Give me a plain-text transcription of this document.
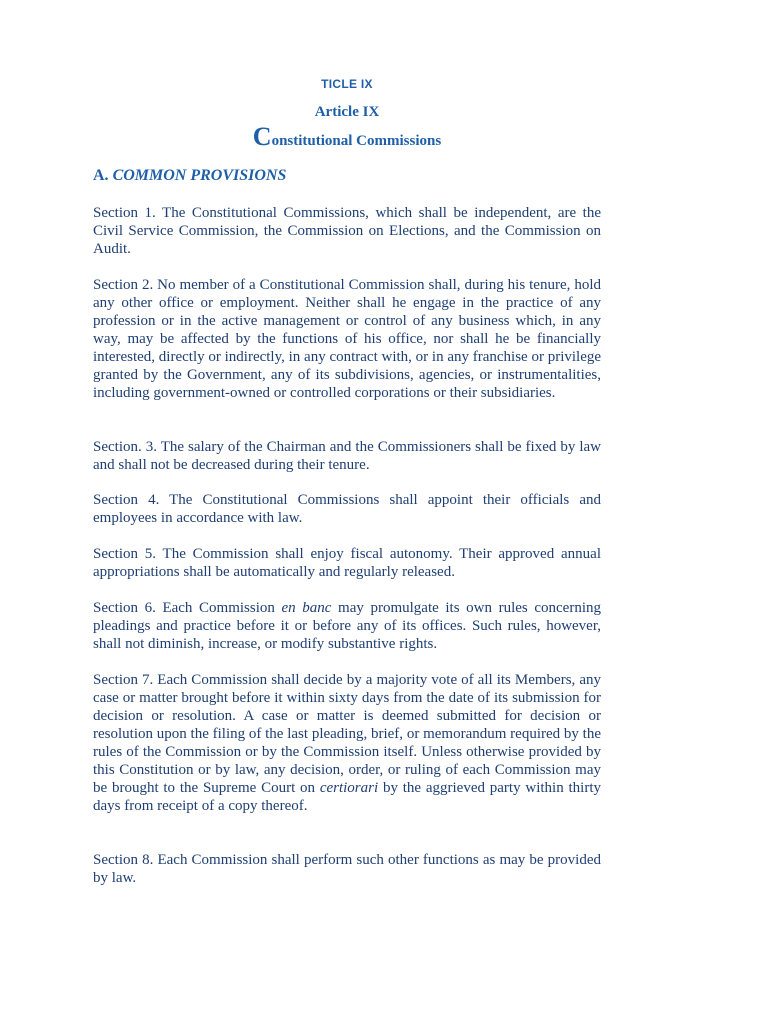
TICLE IX
Article IX
Constitutional Commissions
A. COMMON PROVISIONS

Section 1. The Constitutional Commissions, which shall be independent, are the Civil Service Commission, the Commission on Elections, and the Commission on Audit.

Section 2. No member of a Constitutional Commission shall, during his tenure, hold any other office or employment. Neither shall he engage in the practice of any profession or in the active management or control of any business which, in any way, may be affected by the functions of his office, nor shall he be financially interested, directly or indirectly, in any contract with, or in any franchise or privilege granted by the Government, any of its subdivisions, agencies, or instrumentalities, including government-owned or controlled corporations or their subsidiaries.

Section. 3. The salary of the Chairman and the Commissioners shall be fixed by law and shall not be decreased during their tenure.

Section 4. The Constitutional Commissions shall appoint their officials and employees in accordance with law.

Section 5. The Commission shall enjoy fiscal autonomy. Their approved annual appropriations shall be automatically and regularly released.

Section 6. Each Commission en banc may promulgate its own rules concerning pleadings and practice before it or before any of its offices. Such rules, however, shall not diminish, increase, or modify substantive rights.

Section 7. Each Commission shall decide by a majority vote of all its Members, any case or matter brought before it within sixty days from the date of its submission for decision or resolution. A case or matter is deemed submitted for decision or resolution upon the filing of the last pleading, brief, or memorandum required by the rules of the Commission or by the Commission itself. Unless otherwise provided by this Constitution or by law, any decision, order, or ruling of each Commission may be brought to the Supreme Court on certiorari by the aggrieved party within thirty days from receipt of a copy thereof.

Section 8. Each Commission shall perform such other functions as may be provided by law.
